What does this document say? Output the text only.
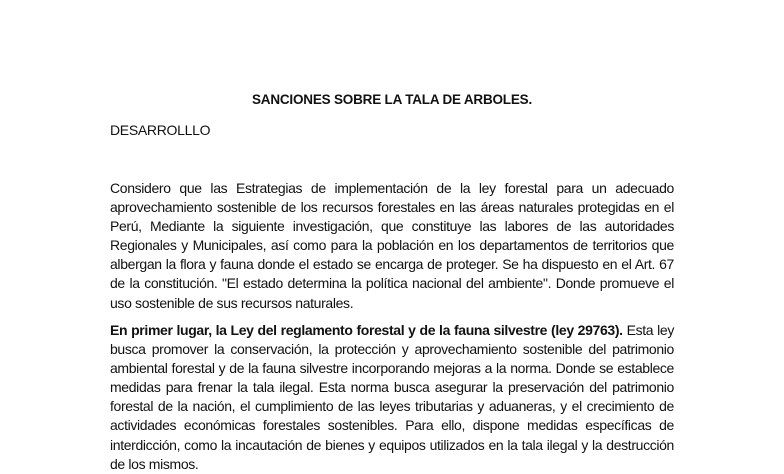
SANCIONES SOBRE LA TALA DE ARBOLES.
DESARROLLLO

Considero que las Estrategias de implementación de la ley forestal para un adecuado aprovechamiento sostenible de los recursos forestales en las áreas naturales protegidas en el Perú, Mediante la siguiente investigación, que constituye las labores de las autoridades Regionales y Municipales, así como para la población en los departamentos de territorios que albergan la flora y fauna donde el estado se encarga de proteger. Se ha dispuesto en el Art. 67 de la constitución. "El estado determina la política nacional del ambiente". Donde promueve el uso sostenible de sus recursos naturales.

En primer lugar, la Ley del reglamento forestal y de la fauna silvestre (ley 29763). Esta ley busca promover la conservación, la protección y aprovechamiento sostenible del patrimonio ambiental forestal y de la fauna silvestre incorporando mejoras a la norma. Donde se establece medidas para frenar la tala ilegal. Esta norma busca asegurar la preservación del patrimonio forestal de la nación, el cumplimiento de las leyes tributarias y aduaneras, y el crecimiento de actividades económicas forestales sostenibles. Para ello, dispone medidas específicas de interdicción, como la incautación de bienes y equipos utilizados en la tala ilegal y la destrucción de los mismos.
